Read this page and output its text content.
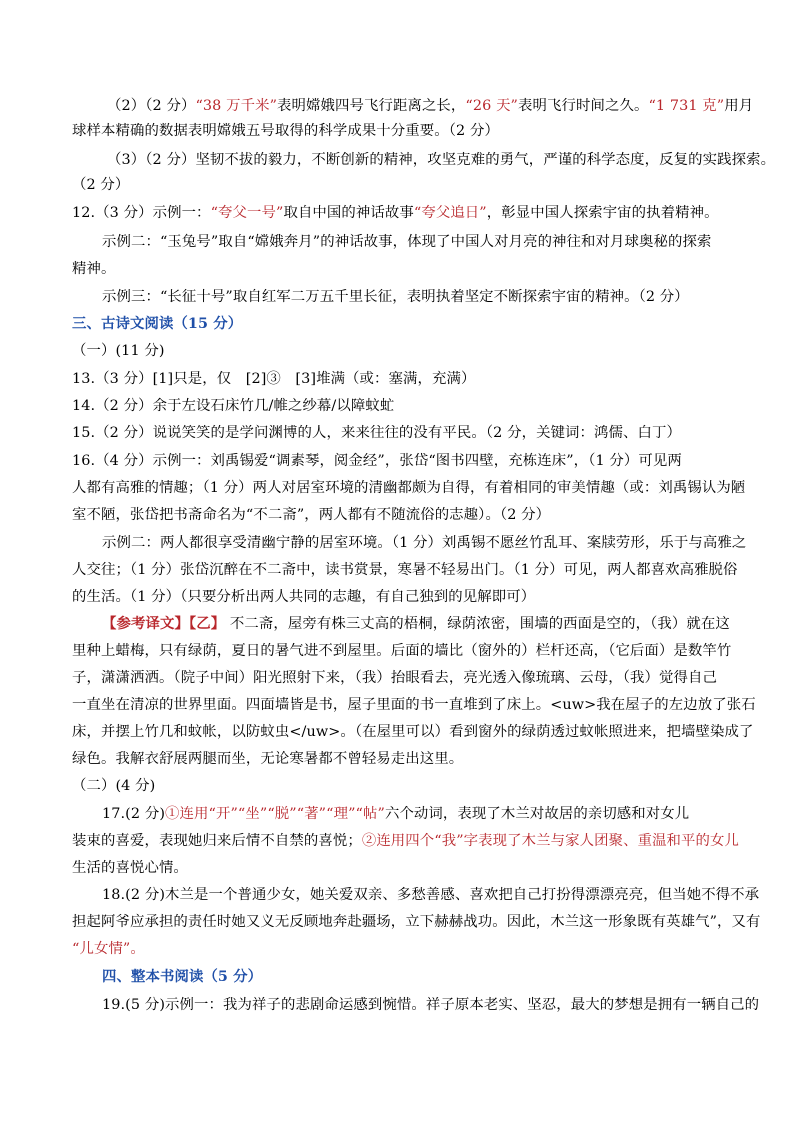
（2）（2 分）“38 万千米”表明嫦娥四号飞行距离之长，“26 天”表明飞行时间之久。“1 731 克”用月
球样本精确的数据表明嫦娥五号取得的科学成果十分重要。（2 分）
（3）（2 分）坚韧不拔的毅力，不断创新的精神，攻坚克难的勇气，严谨的科学态度，反复的实践探索。
（2 分）
12.（3 分）示例一：“夸父一号”取自中国的神话故事“夸父追日”，彰显中国人探索宇宙的执着精神。
示例二：“玉兔号”取自“嫦娥奔月”的神话故事，体现了中国人对月亮的神往和对月球奥秘的探索
精神。
示例三：“长征十号”取自红军二万五千里长征，表明执着坚定不断探索宇宙的精神。（2 分）
三、古诗文阅读（15 分）
（一）(11 分)
13.（3 分）[1]只是，仅　[2]③　[3]堆满（或：塞满，充满）
14.（2 分）余于左设石床竹几/帷之纱幕/以障蚊虻
15.（2 分）说说笑笑的是学问渊博的人，来来往往的没有平民。（2 分，关键词：鸿儒、白丁）
16.（4 分）示例一：刘禹锡爱“调素琴，阅金经”，张岱“图书四壁，充栋连床”，（1 分）可见两
人都有高雅的情趣；（1 分）两人对居室环境的清幽都颇为自得，有着相同的审美情趣（或：刘禹锡认为陋
室不陋，张岱把书斋命名为“不二斋”，两人都有不随流俗的志趣）。（2 分）
示例二：两人都很享受清幽宁静的居室环境。（1 分）刘禹锡不愿丝竹乱耳、案牍劳形，乐于与高雅之
人交往；（1 分）张岱沉醉在不二斋中，读书赏景，寒暑不轻易出门。（1 分）可见，两人都喜欢高雅脱俗
的生活。（1 分）（只要分析出两人共同的志趣，有自己独到的见解即可）
【参考译文】【乙】 不二斋，屋旁有株三丈高的梧桐，绿荫浓密，围墙的西面是空的，（我）就在这
里种上蜡梅，只有绿荫，夏日的暑气进不到屋里。后面的墙比（窗外的）栏杆还高，（它后面）是数竿竹
子，潇潇洒洒。（院子中间）阳光照射下来，（我）抬眼看去，亮光透入像琉璃、云母，（我）觉得自己
一直坐在清凉的世界里面。四面墙皆是书，屋子里面的书一直堆到了床上。<uw>我在屋子的左边放了张石
床，并摆上竹几和蚊帐，以防蚊虫</uw>。（在屋里可以）看到窗外的绿荫透过蚊帐照进来，把墙壁染成了
绿色。我解衣舒展两腿而坐，无论寒暑都不曾轻易走出这里。
（二）(4 分)
17.(2 分)①连用“开”“坐”“脱”“著”“理”“帖”六个动词，表现了木兰对故居的亲切感和对女儿
装束的喜爱，表现她归来后情不自禁的喜悦；②连用四个“我”字表现了木兰与家人团聚、重温和平的女儿
生活的喜悦心情。
18.(2 分)木兰是一个普通少女，她关爱双亲、多愁善感、喜欢把自己打扮得漂漂亮亮，但当她不得不承
担起阿爷应承担的责任时她又义无反顾地奔赴疆场，立下赫赫战功。因此，木兰这一形象既有英雄气”，又有
“儿女情”。
四、整本书阅读（5 分）
19.(5 分)示例一：我为祥子的悲剧命运感到惋惜。祥子原本老实、坚忍，最大的梦想是拥有一辆自己的
